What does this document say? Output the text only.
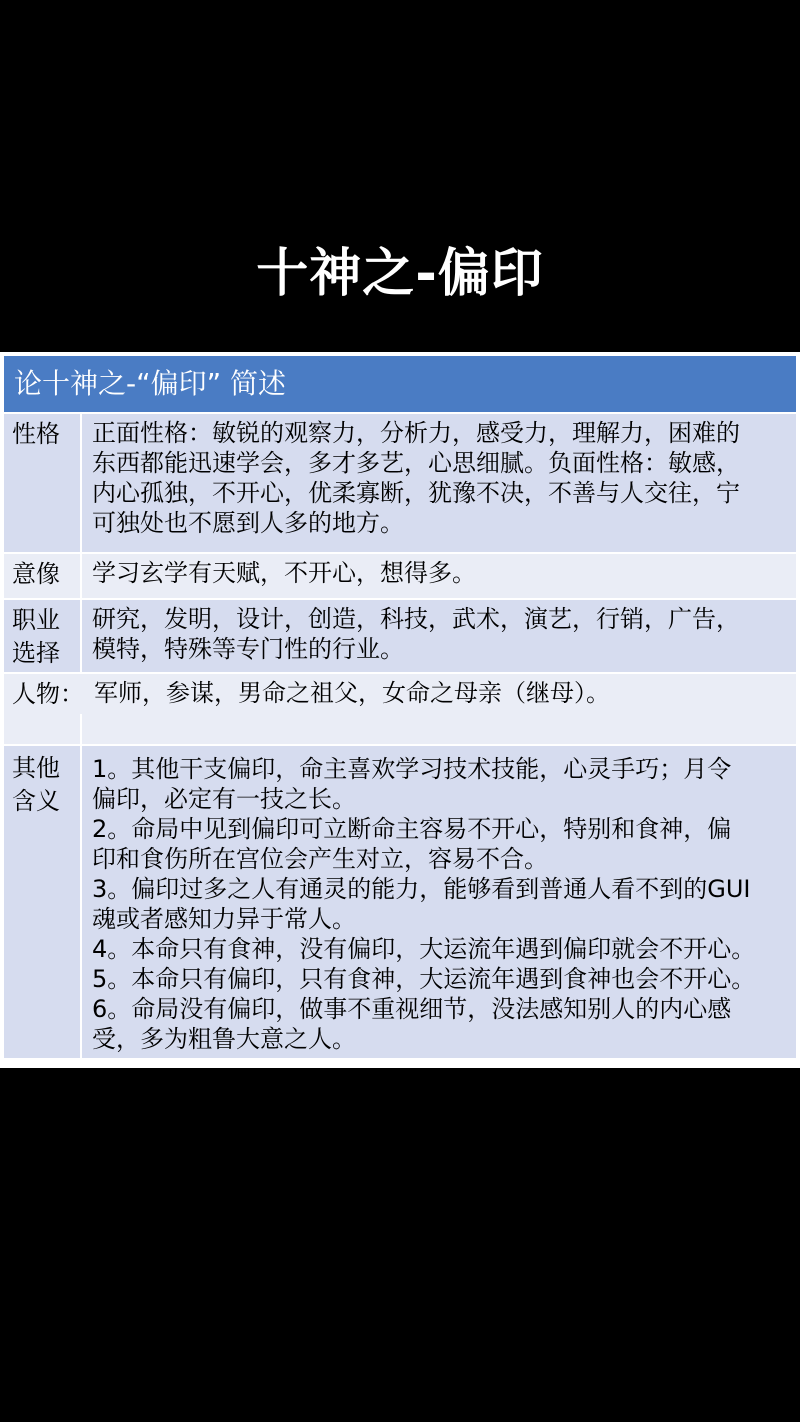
十神之-偏印
论十神之-“偏印” 简述
性格	正面性格：敏锐的观察力，分析力，感受力，理解力，困难的
东西都能迅速学会，多才多艺，心思细腻。负面性格：敏感，
内心孤独，不开心，优柔寡断，犹豫不决，不善与人交往，宁
可独处也不愿到人多的地方。
意像	学习玄学有天赋，不开心，想得多。
职业
选择
研究，发明，设计，创造，科技，武术，演艺，行销，广告，
模特，特殊等专门性的行业。
人物： 军师，参谋，男命之祖父，女命之母亲（继母）。
其他
含义
1。其他干支偏印，命主喜欢学习技术技能，心灵手巧；月令
偏印，必定有一技之长。
2。命局中见到偏印可立断命主容易不开心，特别和食神，偏
印和食伤所在宫位会产生对立，容易不合。
3。偏印过多之人有通灵的能力，能够看到普通人看不到的GUI
魂或者感知力异于常人。
4。本命只有食神，没有偏印，大运流年遇到偏印就会不开心。
5。本命只有偏印，只有食神，大运流年遇到食神也会不开心。
6。命局没有偏印，做事不重视细节，没法感知别人的内心感
受，多为粗鲁大意之人。
